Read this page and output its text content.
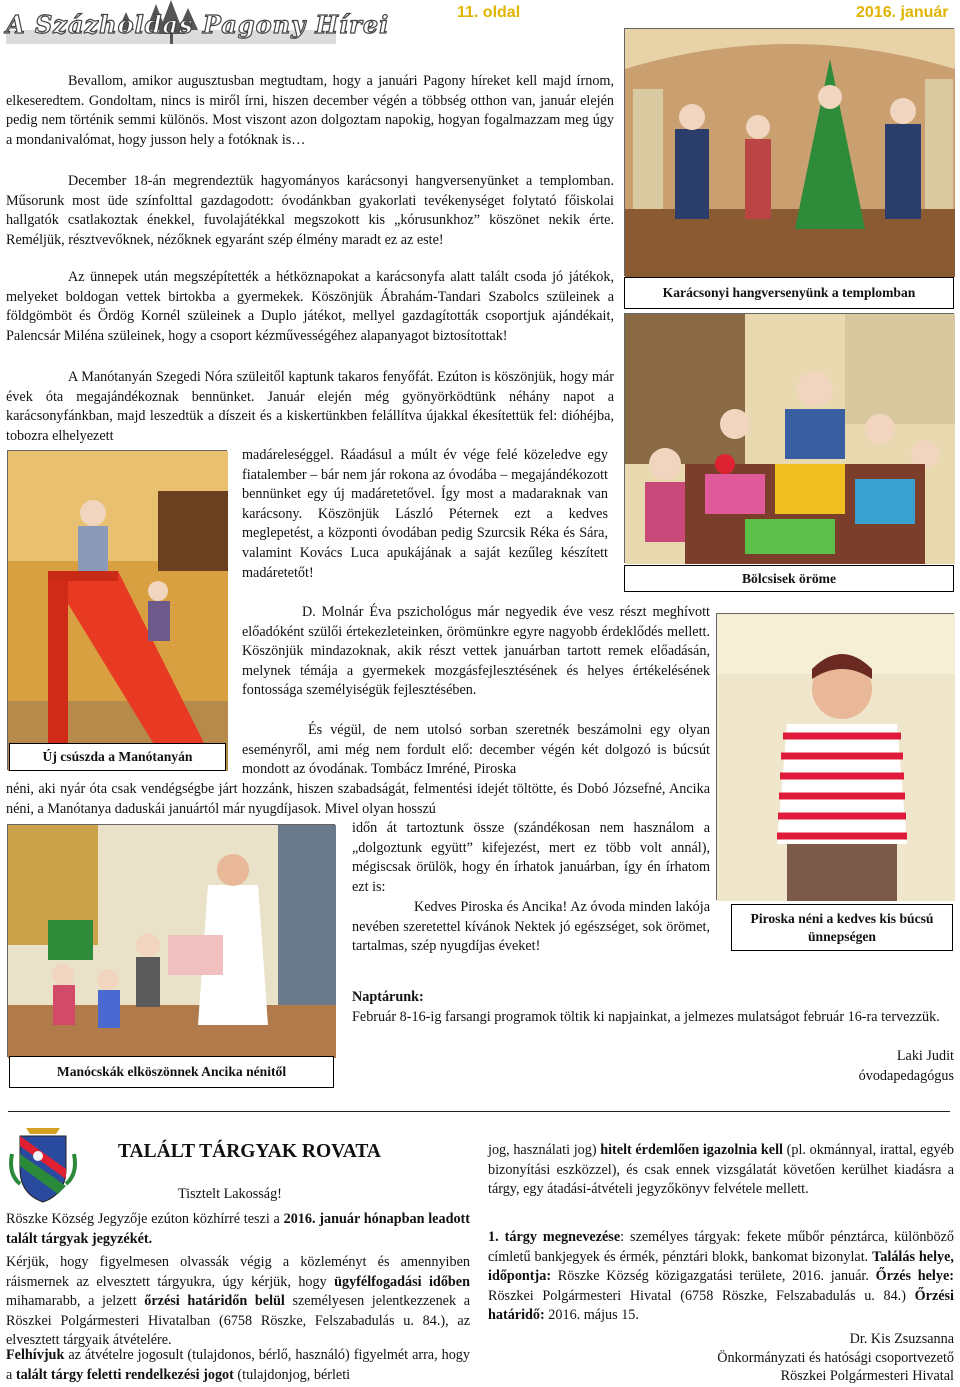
A Százholdas Pagony Hírei	11. oldal	2016. január
Karácsonyi hangversenyünk a templomban
Bölcsisek öröme
Piroska néni a kedves kis búcsú ünnepségen
Új csúszda a Manótanyán
Manócskák elköszönnek Ancika nénitől
Bevallom, amikor augusztusban megtudtam, hogy a januári Pagony híreket kell majd írnom, elkeseredtem. Gondoltam, nincs is miről írni, hiszen december végén a többség otthon van, január elején pedig nem történik semmi különös. Most viszont azon dolgoztam napokig, hogyan fogalmazzam meg úgy a mondanivalómat, hogy jusson hely a fotóknak is…
December 18-án megrendeztük hagyományos karácsonyi hangversenyünket a templomban. Műsorunk most üde színfolttal gazdagodott: óvodánkban gyakorlati tevékenységet folytató főiskolai hallgatók csatlakoztak énekkel, fuvolajátékkal megszokott kis „kórusunkhoz” köszönet nekik érte. Reméljük, résztvevőknek, nézőknek egyaránt szép élmény maradt ez az este!
Az ünnepek után megszépítették a hétköznapokat a karácsonyfa alatt talált csoda jó játékok, melyeket boldogan vettek birtokba a gyermekek. Köszönjük Ábrahám-Tandari Szabolcs szüleinek a földgömböt és Ördög Kornél szüleinek a Duplo játékot, mellyel gazdagították csoportjuk ajándékait, Palencsár Miléna szüleinek, hogy a csoport kézművességéhez alapanyagot biztosítottak!
A Manótanyán Szegedi Nóra szüleitől kaptunk takaros fenyőfát. Ezúton is köszönjük, hogy már évek óta megajándékoznak bennünket. Január elején még gyönyörködtünk néhány napot a karácsonyfánkban, majd leszedtük a díszeit és a kiskertünkben felállítva újakkal ékesítettük fel: dióhéjba, tobozra elhelyezett
madáreleséggel. Ráadásul a múlt év vége felé közeledve egy fiatalember – bár nem jár rokona az óvodába – megajándékozott bennünket egy új madáretetővel. Így most a madaraknak van karácsony. Köszönjük László Péternek ezt a kedves meglepetést, a központi óvodában pedig Szurcsik Réka és Sára, valamint Kovács Luca apukájának a saját kezűleg készített madáretetőt!
D. Molnár Éva pszichológus már negyedik éve vesz részt meghívott előadóként szülői értekezleteinken, örömünkre egyre nagyobb érdeklődés mellett. Köszönjük mindazoknak, akik részt vettek januárban tartott remek előadásán, melynek témája a gyermekek mozgásfejlesztésének és helyes értékelésének fontossága személyiségük fejlesztésében.
És végül, de nem utolsó sorban szeretnék beszámolni egy olyan eseményről, ami még nem fordult elő: december végén két dolgozó is búcsút mondott az óvodának. Tombácz Imréné, Piroska
néni, aki nyár óta csak vendégségbe járt hozzánk, hiszen szabadságát, felmentési idejét töltötte, és Dobó Józsefné, Ancika néni, a Manótanya daduskái januártól már nyugdíjasok. Mivel olyan hosszú
időn át tartoztunk össze (szándékosan nem használom a „dolgoztunk együtt” kifejezést, mert ez több volt annál), mégiscsak örülök, hogy én írhatok januárban, így én írhatom ezt is:
Kedves Piroska és Ancika! Az óvoda minden lakója nevében szeretettel kívánok Nektek jó egészséget, sok örömet, tartalmas, szép nyugdíjas éveket!
Naptárunk:
Február 8-16-ig farsangi programok töltik ki napjainkat, a jelmezes mulatságot február 16-ra tervezzük.
Laki Judit
óvodapedagógus
TALÁLT TÁRGYAK ROVATA
Tisztelt Lakosság!
Röszke Község Jegyzője ezúton közhírré teszi a 2016. január hónapban leadott talált tárgyak jegyzékét.
Kérjük, hogy figyelmesen olvassák végig a közleményt és amennyiben ráismernek az elvesztett tárgyukra, úgy kérjük, hogy ügyfélfogadási időben mihamarabb, a jelzett őrzési határidőn belül személyesen jelentkezzenek a Röszkei Polgármesteri Hivatalban (6758 Röszke, Felszabadulás u. 84.), az elvesztett tárgyaik átvételére.
Felhívjuk az átvételre jogosult (tulajdonos, bérlő, használó) figyelmét arra, hogy a talált tárgy feletti rendelkezési jogot (tulajdonjog, bérleti
jog, használati jog) hitelt érdemlően igazolnia kell (pl. okmánnyal, irattal, egyéb bizonyítási eszközzel), és csak ennek vizsgálatát követően kerülhet kiadásra a tárgy, egy átadási-átvételi jegyzőkönyv felvétele mellett.
1. tárgy megnevezése: személyes tárgyak: fekete műbőr pénztárca, különböző címletű bankjegyek és érmék, pénztári blokk, bankomat bizonylat. Találás helye, időpontja: Röszke Község közigazgatási területe, 2016. január. Őrzés helye: Röszkei Polgármesteri Hivatal (6758 Röszke, Felszabadulás u. 84.) Őrzési határidő: 2016. május 15.
Dr. Kis Zsuzsanna
Önkormányzati és hatósági csoportvezető
Röszkei Polgármesteri Hivatal
